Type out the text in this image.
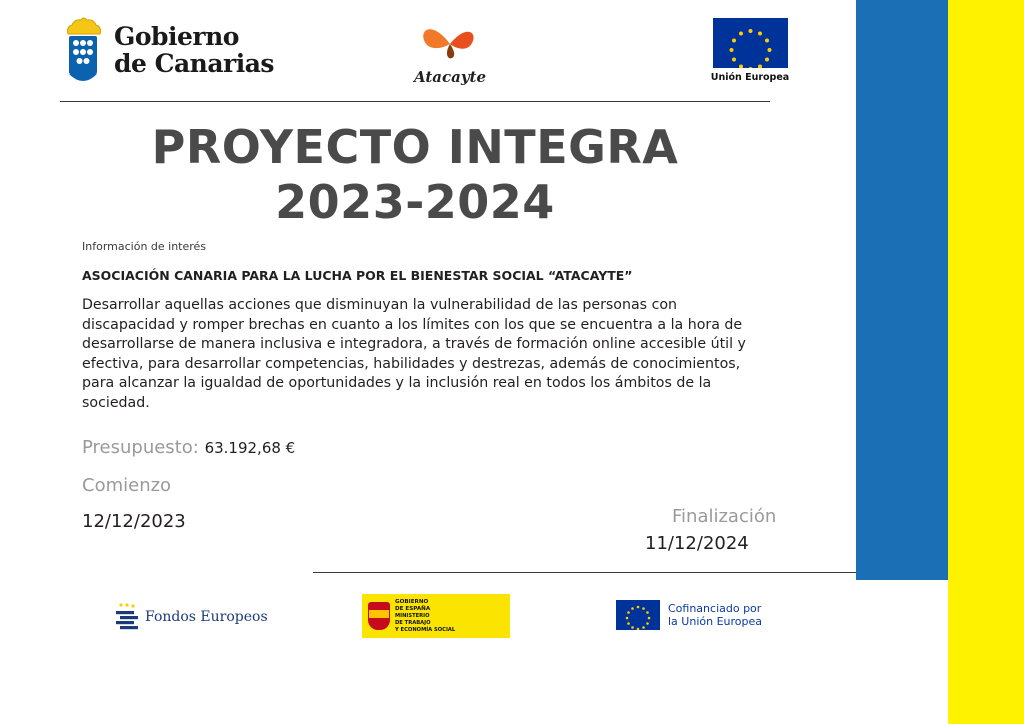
Gobierno
de Canarias	Atacayte	Unión Europea
PROYECTO INTEGRA
2023-2024
Información de interés
ASOCIACIÓN CANARIA PARA LA LUCHA POR EL BIENESTAR SOCIAL “ATACAYTE”
Desarrollar aquellas acciones que disminuyan la vulnerabilidad de las personas con discapacidad y romper brechas en cuanto a los límites con los que se encuentra a la hora de desarrollarse de manera inclusiva e integradora, a través de formación online accesible útil y efectiva, para desarrollar competencias, habilidades y destrezas, además de conocimientos, para alcanzar la igualdad de oportunidades y la inclusión real en todos los ámbitos de la sociedad.
Presupuesto: 63.192,68 €
Comienzo
12/12/2023	Finalización
11/12/2024
Fondos Europeos
GOBIERNO
DE ESPAÑA
MINISTERIO
DE TRABAJO
Y ECONOMÍA SOCIAL
Cofinanciado por
la Unión Europea
